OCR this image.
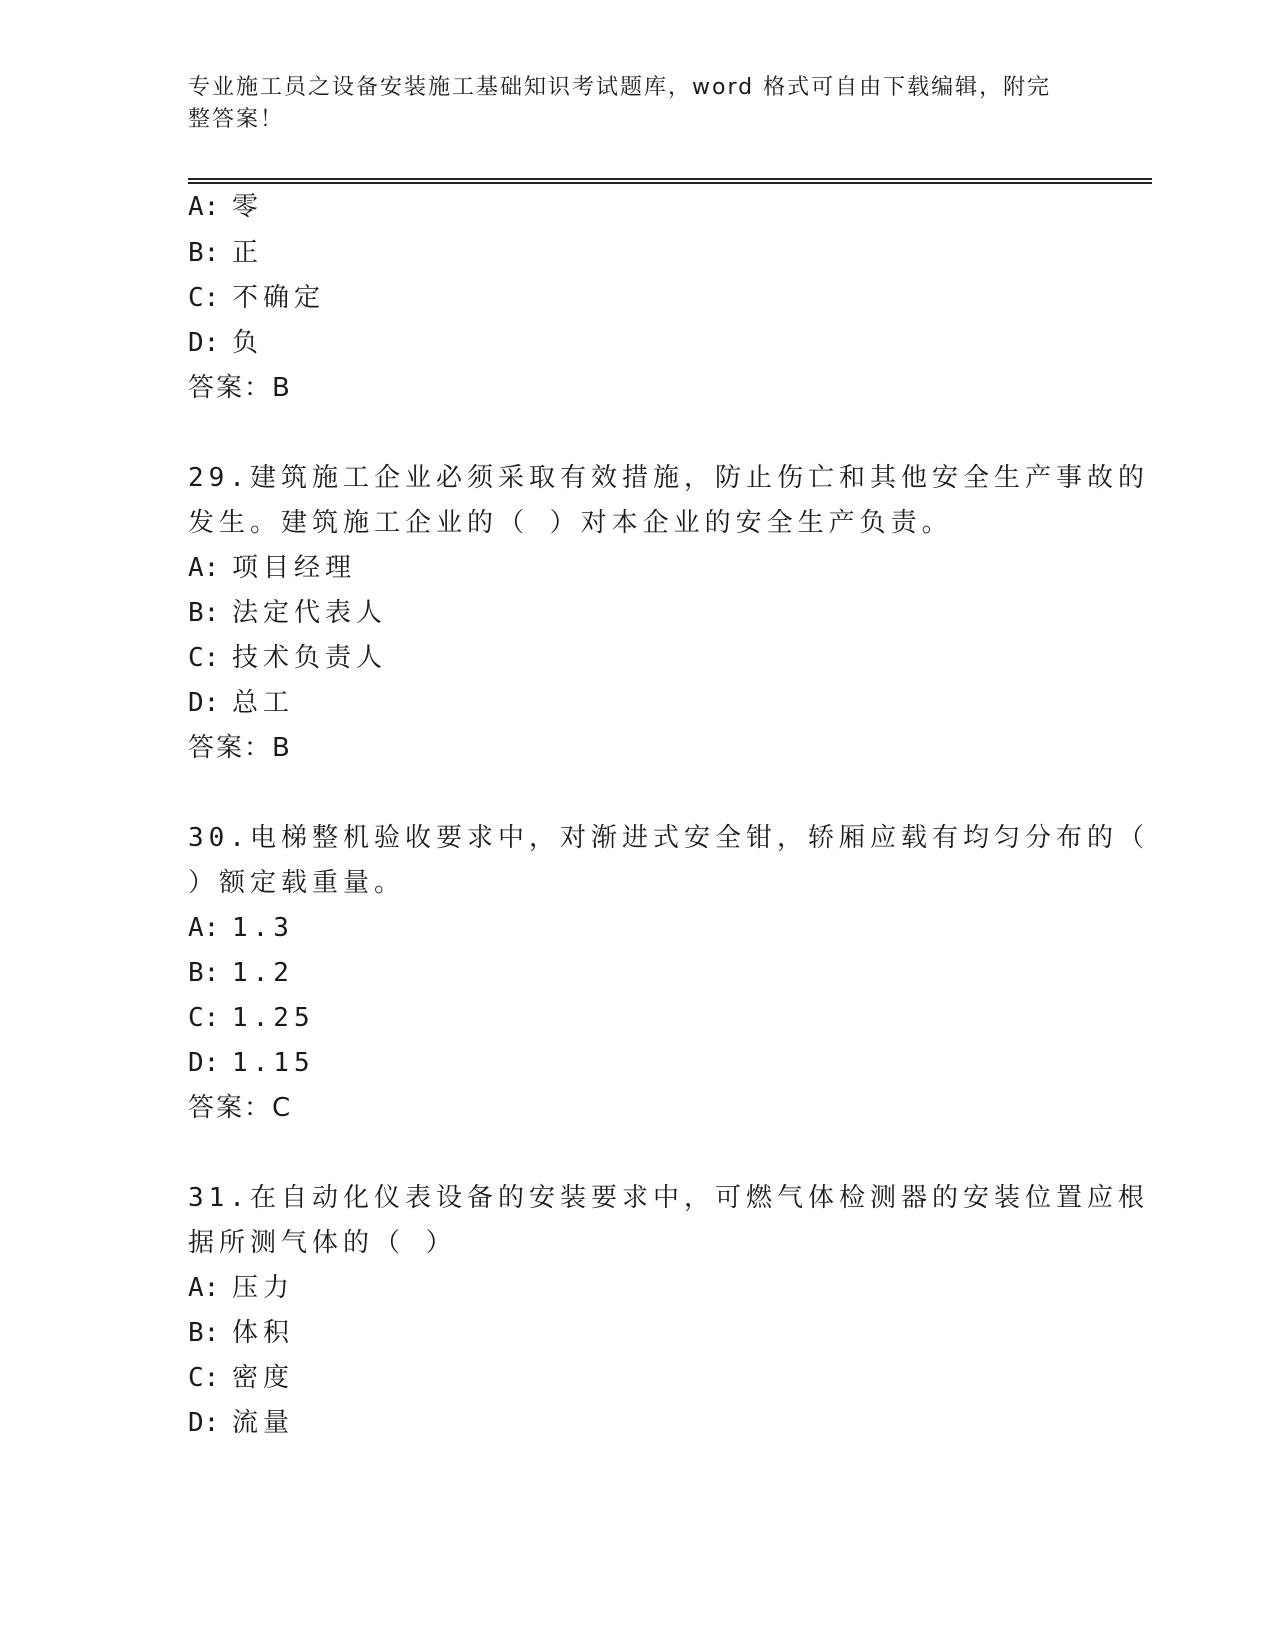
专业施工员之设备安装施工基础知识考试题库，word 格式可自由下载编辑，附完
整答案！
A: 零
B: 正
C: 不确定
D: 负
答案：B
29.建筑施工企业必须采取有效措施，防止伤亡和其他安全生产事故的
发生。建筑施工企业的（ ）对本企业的安全生产负责。
A: 项目经理
B: 法定代表人
C: 技术负责人
D: 总工
答案：B
30.电梯整机验收要求中，对渐进式安全钳，轿厢应载有均匀分布的（
）额定载重量。
A: 1.3
B: 1.2
C: 1.25
D: 1.15
答案：C
31.在自动化仪表设备的安装要求中，可燃气体检测器的安装位置应根
据所测气体的（ ）
A: 压力
B: 体积
C: 密度
D: 流量
